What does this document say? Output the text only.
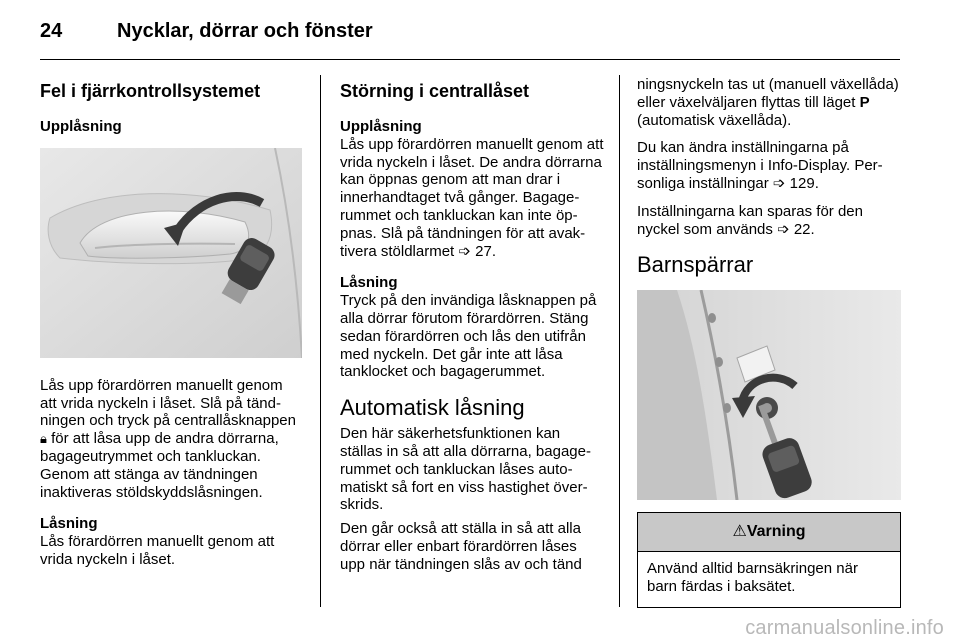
24	Nycklar, dörrar och fönster
Fel i fjärrkontrollsystemet
Upplåsning

Lås upp förardörren manuellt genom att vrida nyckeln i låset. Slå på tändningen och tryck på centrallåsknappen 🔒︎ för att låsa upp de andra dörrarna, bagageutrymmet och tankluckan. Genom att stänga av tändningen inaktiveras stöldskyddslåsningen.

Låsning

Lås förardörren manuellt genom att vrida nyckeln i låset.

Störning i centrallåset
Upplåsning

Lås upp förardörren manuellt genom att vrida nyckeln i låset. De andra dörrarna kan öppnas genom att man drar i innerhandtaget två gånger. Bagagerummet och tankluckan kan inte öppnas. Slå på tändningen för att avaktivera stöldlarmet ➩ 27.

Låsning

Tryck på den invändiga låsknappen på alla dörrar förutom förardörren. Stäng sedan förardörren och lås den utifrån med nyckeln. Det går inte att låsa tanklocket och bagagerummet.

Automatisk låsning

Den här säkerhetsfunktionen kan ställas in så att alla dörrarna, bagagerummet och tankluckan låses automatiskt så fort en viss hastighet överskrids.

Den går också att ställa in så att alla dörrar eller enbart förardörren låses upp när tändningen slås av och tänd

ningsnyckeln tas ut (manuell växellåda) eller växelväljaren flyttas till läget P (automatisk växellåda).

Du kan ändra inställningarna på inställningsmenyn i Info-Display. Personliga inställningar ➩ 129.

Inställningarna kan sparas för den nyckel som används ➩ 22.

Barnspärrar
⚠︎Varning
Använd alltid barnsäkringen när barn färdas i baksätet.
carmanualsonline.info
